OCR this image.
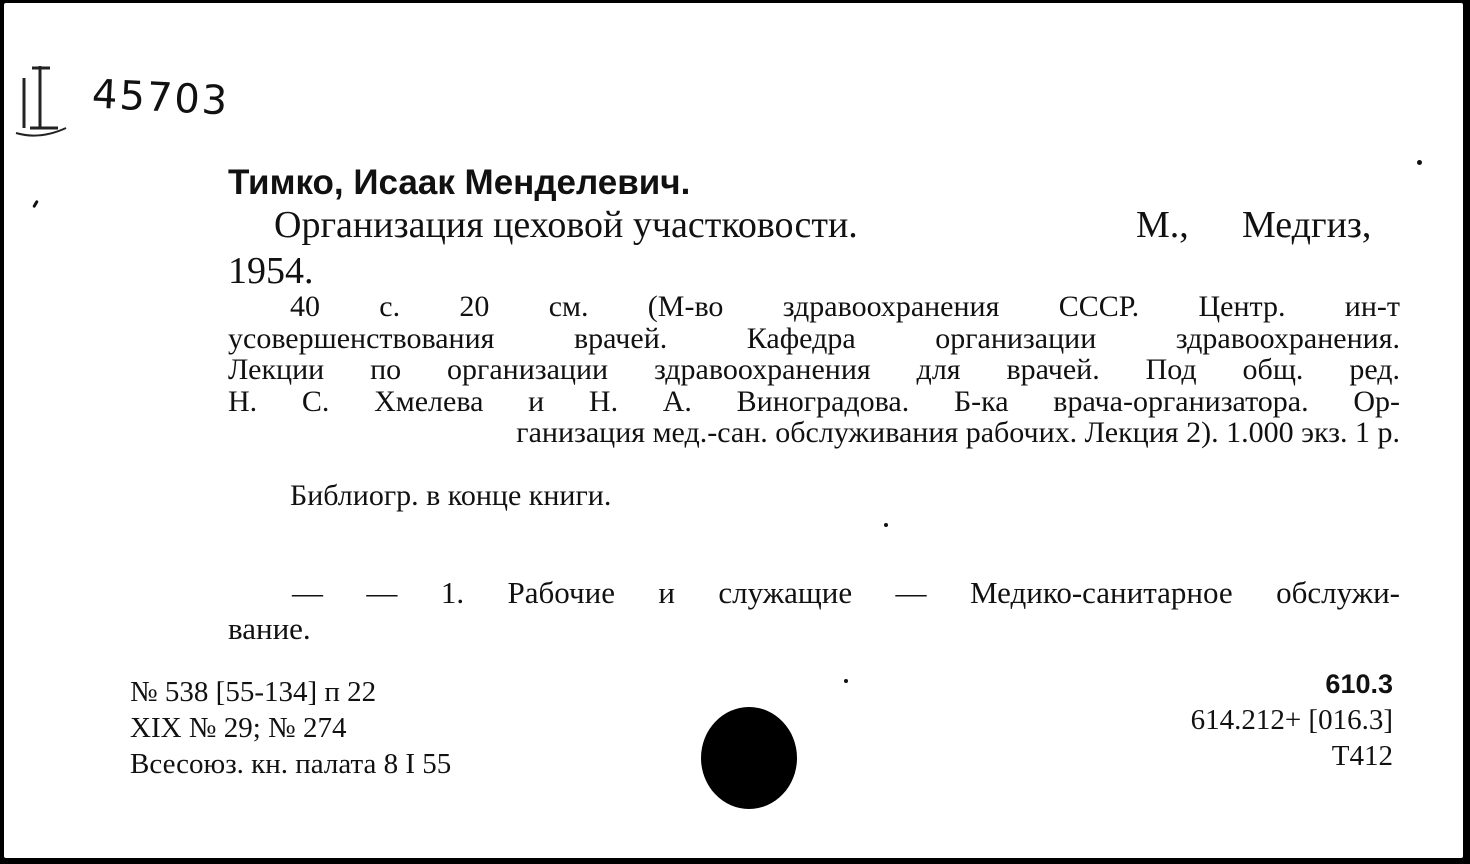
45703
Тимко, Исаак Менделевич.
Организация цеховой участковости.	М., Медгиз,
1954.
40 с. 20 см. (М-во здравоохранения СССР. Центр. ин-т
усовершенствования врачей. Кафедра организации здравоохранения.
Лекции по организации здравоохранения для врачей. Под общ. ред.
Н. С. Хмелева и Н. А. Виноградова. Б-ка врача-организатора. Ор-
ганизация мед.-сан. обслуживания рабочих. Лекция 2). 1.000 экз. 1 р.
Библиогр. в конце книги.
— — 1. Рабочие и служащие — Медико-санитарное обслужи-
вание.
№ 538 [55-134] п 22
XIX № 29; № 274
Всесоюз. кн. палата 8 I 55
610.3
614.212+ [016.3]
Т412
